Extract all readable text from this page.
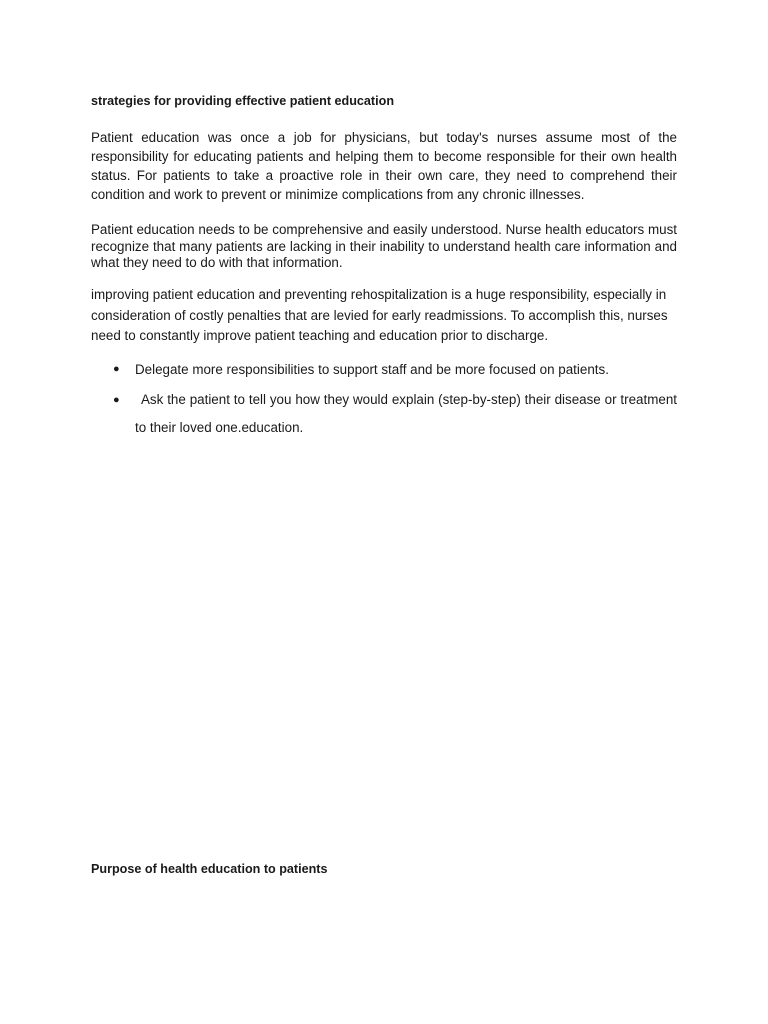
strategies for providing effective patient education

Patient education was once a job for physicians, but today's nurses assume most of the responsibility for educating patients and helping them to become responsible for their own health status. For patients to take a proactive role in their own care, they need to comprehend their condition and work to prevent or minimize complications from any chronic illnesses.

Patient education needs to be comprehensive and easily understood. Nurse health educators must recognize that many patients are lacking in their inability to understand health care information and what they need to do with that information.

improving patient education and preventing rehospitalization is a huge responsibility, especially in consideration of costly penalties that are levied for early readmissions. To accomplish this, nurses need to constantly improve patient teaching and education prior to discharge.

● Delegate more responsibilities to support staff and be more focused on patients.
● Ask the patient to tell you how they would explain (step-by-step) their disease or treatment to their loved one.education.
Purpose of health education to patients
